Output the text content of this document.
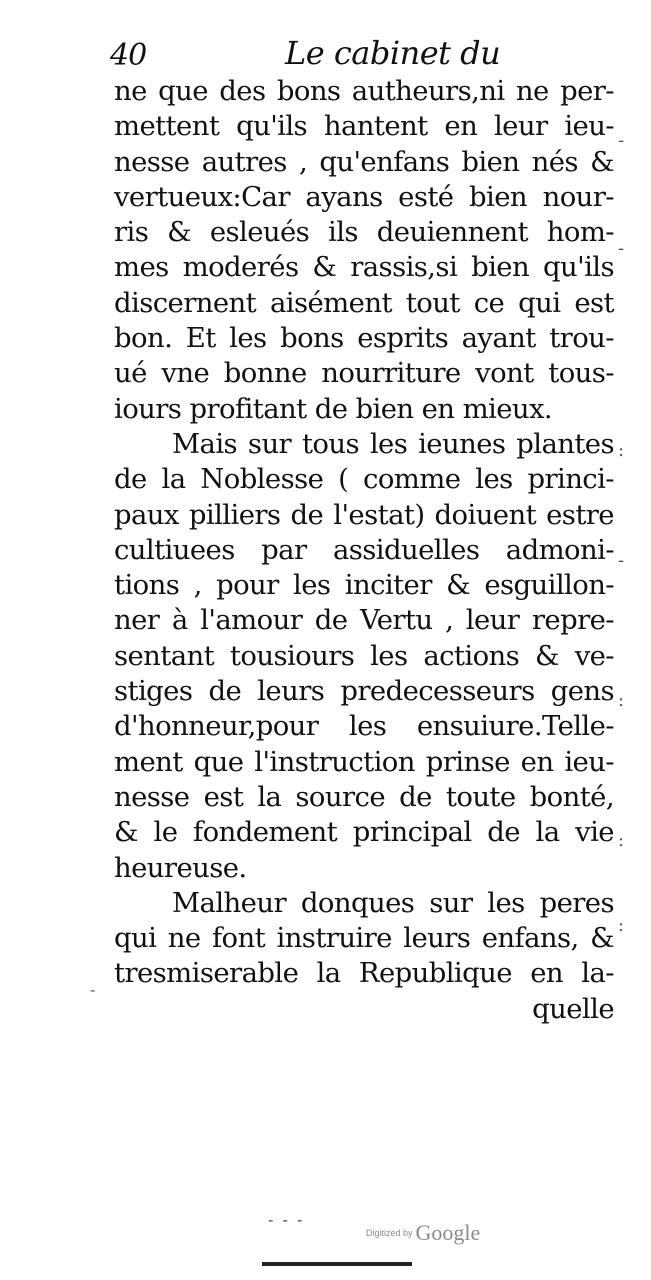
40	Le cabinet du
ne que des bons autheurs,ni ne per-
mettent qu'ils hantent en leur ieu-
nesse autres , qu'enfans bien nés &
vertueux:Car ayans esté bien nour-
ris & esleués ils deuiennent hom-
mes moderés & rassis,si bien qu'ils
discernent aisément tout ce qui est
bon. Et les bons esprits ayant trou-
ué vne bonne nourriture vont tous-
iours profitant de bien en mieux.
Mais sur tous les ieunes plantes
de la Noblesse ( comme les princi-
paux pilliers de l'estat) doiuent estre
cultiuees par assiduelles admoni-
tions , pour les inciter & esguillon-
ner à l'amour de Vertu , leur repre-
sentant tousiours les actions & ve-
stiges de leurs predecesseurs gens
d'honneur,pour les ensuiure.Telle-
ment que l'instruction prinse en ieu-
nesse est la source de toute bonté,
& le fondement principal de la vie
heureuse.
Malheur donques sur les peres
qui ne font instruire leurs enfans, &
tresmiserable la Republique en la-
quelle
-
-
:
-
:
:
:
-
- - -
Digitized by Google
